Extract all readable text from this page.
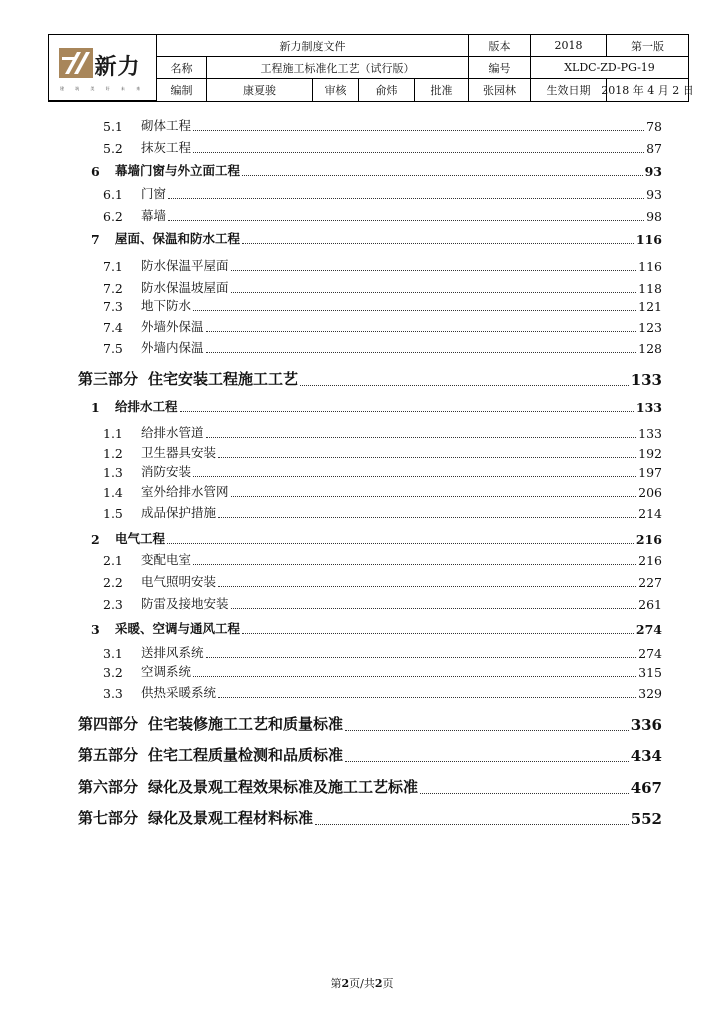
新力
建 筑 美 好 未 来
新力制度文件	版本	2018	第一版
名称	工程施工标准化工艺（试行版）	编号	XLDC-ZD-PG-19
编制	康夏骏	审核	俞炜	批准	张园林	生效日期 2018 年 4 月 2 日
5.1 砌体工程	78
5.2 抹灰工程	87
6 幕墙门窗与外立面工程	93
6.1 门窗	93
6.2 幕墙	98
7 屋面、保温和防水工程	116
7.1 防水保温平屋面	116
7.2 防水保温坡屋面	118
7.3 地下防水	121
7.4 外墙外保温	123
7.5 外墙内保温	128
第三部分 住宅安装工程施工工艺	133
1 给排水工程	133
1.1 给排水管道	133
1.2 卫生器具安装	192
1.3 消防安装	197
1.4 室外给排水管网	206
1.5 成品保护措施	214
2 电气工程	216
2.1 变配电室	216
2.2 电气照明安装	227
2.3 防雷及接地安装	261
3 采暖、空调与通风工程	274
3.1 送排风系统	274
3.2 空调系统	315
3.3 供热采暖系统	329
第四部分 住宅装修施工工艺和质量标准	336
第五部分 住宅工程质量检测和品质标准	434
第六部分 绿化及景观工程效果标准及施工工艺标准	467
第七部分 绿化及景观工程材料标准	552
第2页/共2页
